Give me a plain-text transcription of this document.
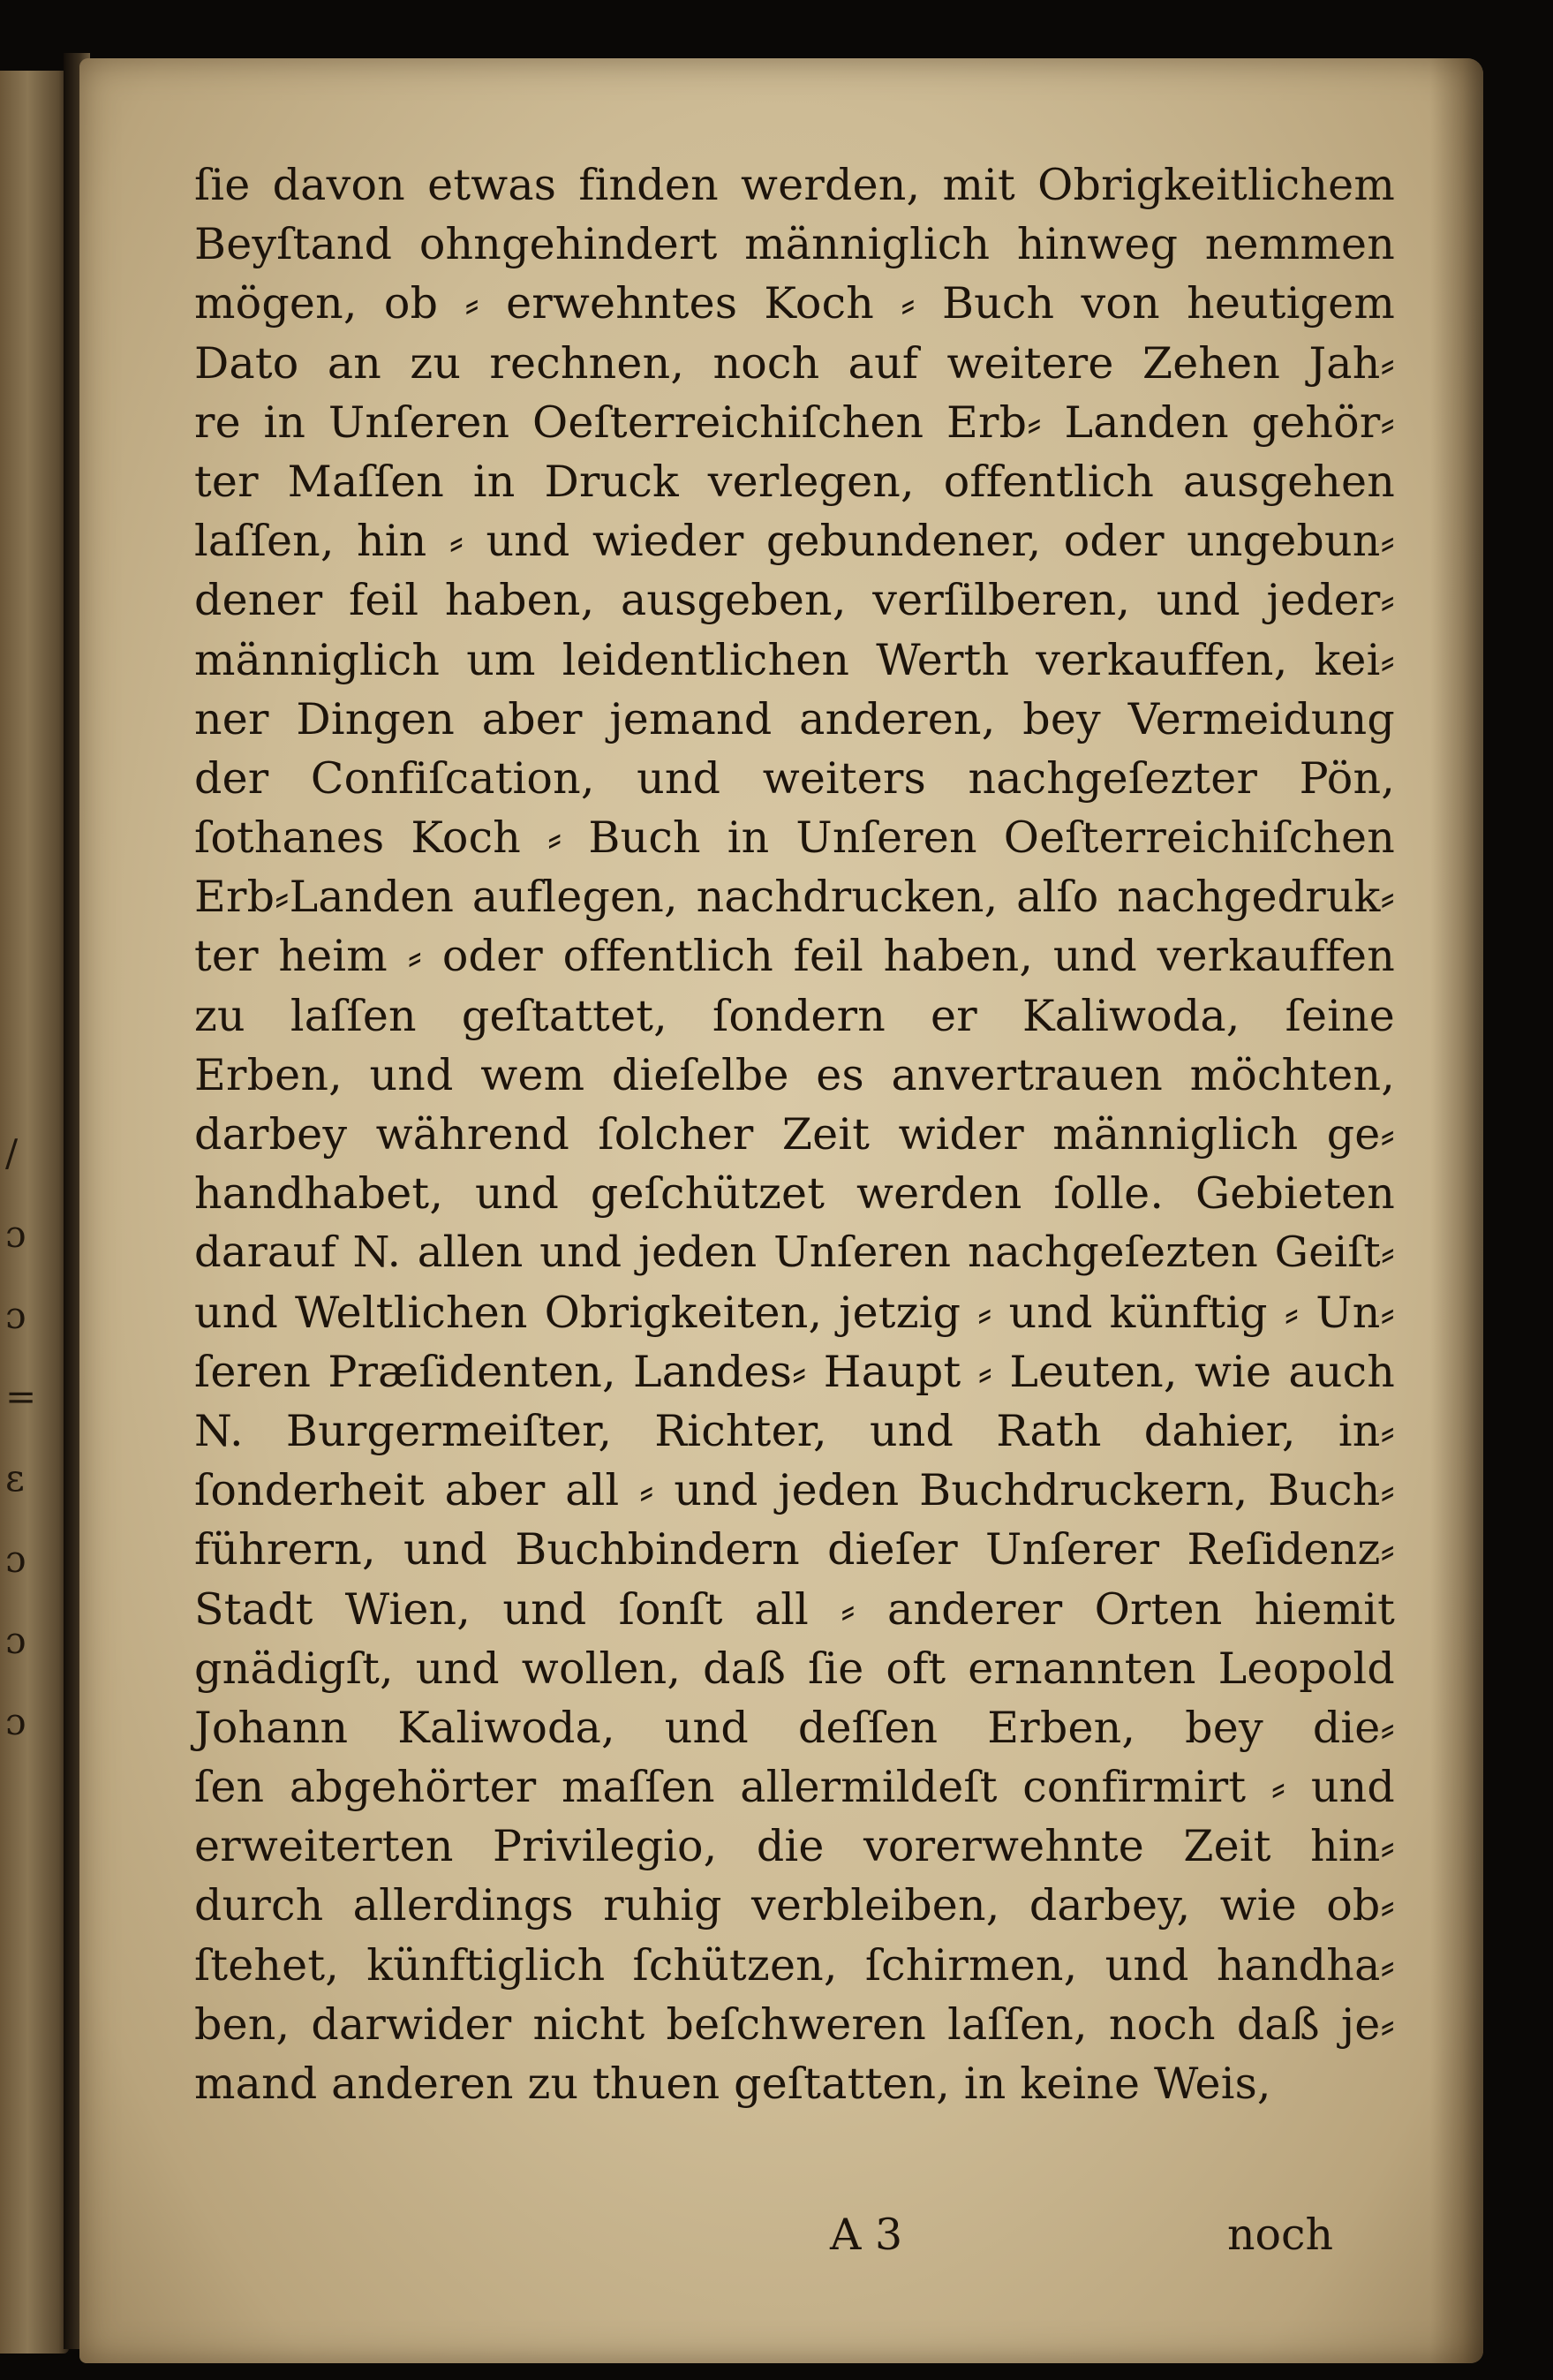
/
ɔ
ɔ
=
ɛ
ɔ
ɔ
ɔ
ſie davon etwas finden werden, mit Obrigkeitlichem
Beyſtand ohngehindert männiglich hinweg nemmen
mögen, ob ⸗ erwehntes Koch ⸗ Buch von heutigem
Dato an zu rechnen, noch auf weitere Zehen Jah⸗
re in Unſeren Oeſterreichiſchen Erb⸗ Landen gehör⸗
ter Maſſen in Druck verlegen, offentlich ausgehen
laſſen, hin ⸗ und wieder gebundener, oder ungebun⸗
dener feil haben, ausgeben, verſilberen, und jeder⸗
männiglich um leidentlichen Werth verkauffen, kei⸗
ner Dingen aber jemand anderen, bey Vermeidung
der Confiſcation, und weiters nachgeſezter Pön,
ſothanes Koch ⸗ Buch in Unſeren Oeſterreichiſchen
Erb⸗Landen auflegen, nachdrucken, alſo nachgedruk⸗
ter heim ⸗ oder offentlich feil haben, und verkauffen
zu laſſen geſtattet, ſondern er Kaliwoda, ſeine
Erben, und wem dieſelbe es anvertrauen möchten,
darbey während ſolcher Zeit wider männiglich ge⸗
handhabet, und geſchützet werden ſolle. Gebieten
darauf N. allen und jeden Unſeren nachgeſezten Geiſt⸗
und Weltlichen Obrigkeiten, jetzig ⸗ und künftig ⸗ Un⸗
ſeren Præſidenten, Landes⸗ Haupt ⸗ Leuten, wie auch
N. Burgermeiſter, Richter, und Rath dahier, in⸗
ſonderheit aber all ⸗ und jeden Buchdruckern, Buch⸗
führern, und Buchbindern dieſer Unſerer Reſidenz⸗
Stadt Wien, und ſonſt all ⸗ anderer Orten hiemit
gnädigſt, und wollen, daß ſie oft ernannten Leopold
Johann Kaliwoda, und deſſen Erben, bey die⸗
ſen abgehörter maſſen allermildeſt confirmirt ⸗ und
erweiterten Privilegio, die vorerwehnte Zeit hin⸗
durch allerdings ruhig verbleiben, darbey, wie ob⸗
ſtehet, künftiglich ſchützen, ſchirmen, und handha⸗
ben, darwider nicht beſchweren laſſen, noch daß je⸗
mand anderen zu thuen geſtatten, in keine Weis,
A 3	noch
